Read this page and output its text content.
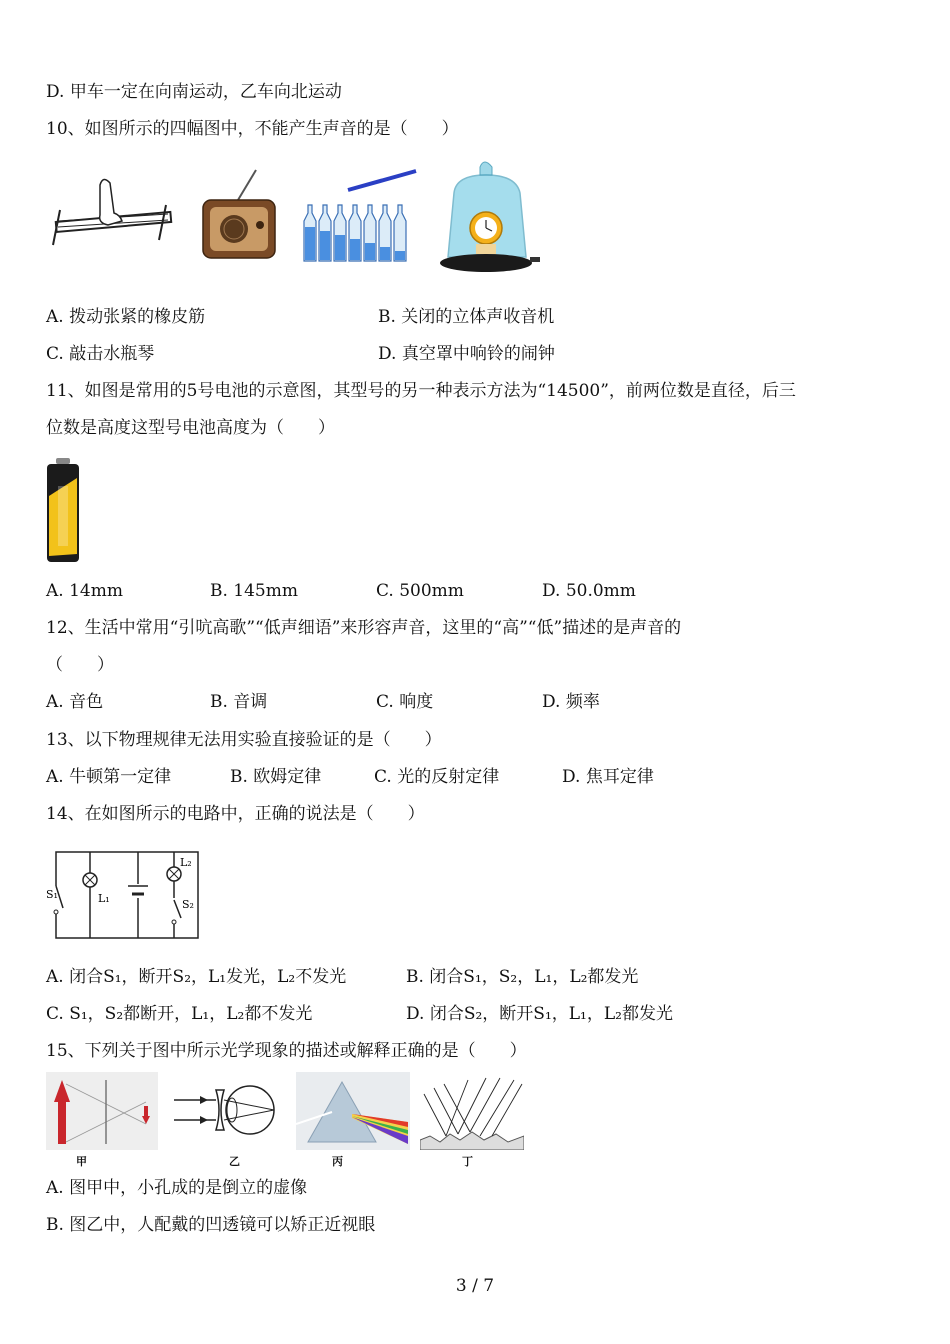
D. 甲车一定在向南运动，乙车向北运动
10、如图所示的四幅图中，不能产生声音的是（　　）
A. 拨动张紧的橡皮筋	B. 关闭的立体声收音机
C. 敲击水瓶琴	D. 真空罩中响铃的闹钟
11、如图是常用的5号电池的示意图，其型号的另一种表示方法为“14500”，前两位数是直径，后三
位数是高度这型号电池高度为（　　）
A. 14mm	B. 145mm	C. 500mm	D. 50.0mm
12、生活中常用“引吭高歌”“低声细语”来形容声音，这里的“高”“低”描述的是声音的
（　　）
A. 音色	B. 音调	C. 响度	D. 频率
13、以下物理规律无法用实验直接验证的是（　　）
A. 牛顿第一定律	B. 欧姆定律	C. 光的反射定律	D. 焦耳定律
14、在如图所示的电路中，正确的说法是（　　）
S₁	L₁
L₂
S₂
A. 闭合S₁，断开S₂，L₁发光，L₂不发光	B. 闭合S₁，S₂，L₁，L₂都发光
C. S₁，S₂都断开，L₁，L₂都不发光	D. 闭合S₂，断开S₁，L₁，L₂都发光
15、下列关于图中所示光学现象的描述或解释正确的是（　　）
甲	乙	丙	丁
A. 图甲中，小孔成的是倒立的虚像
B. 图乙中，人配戴的凹透镜可以矫正近视眼
3 / 7
